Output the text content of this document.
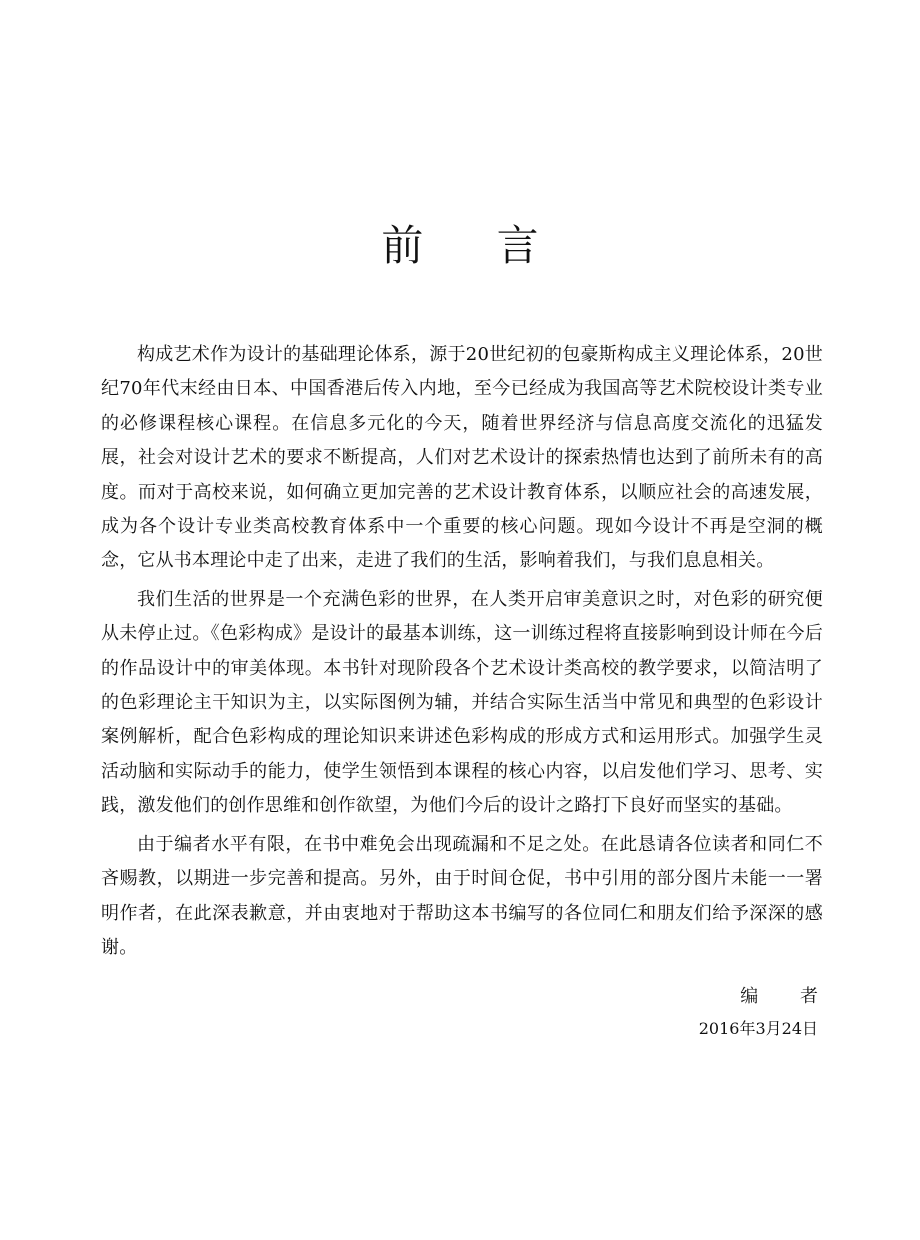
前 言

构成艺术作为设计的基础理论体系，源于20世纪初的包豪斯构成主义理论体系，20世纪70年代末经由日本、中国香港后传入内地，至今已经成为我国高等艺术院校设计类专业的必修课程核心课程。在信息多元化的今天，随着世界经济与信息高度交流化的迅猛发展，社会对设计艺术的要求不断提高，人们对艺术设计的探索热情也达到了前所未有的高度。而对于高校来说，如何确立更加完善的艺术设计教育体系，以顺应社会的高速发展，成为各个设计专业类高校教育体系中一个重要的核心问题。现如今设计不再是空洞的概念，它从书本理论中走了出来，走进了我们的生活，影响着我们，与我们息息相关。

我们生活的世界是一个充满色彩的世界，在人类开启审美意识之时，对色彩的研究便从未停止过。《色彩构成》是设计的最基本训练，这一训练过程将直接影响到设计师在今后的作品设计中的审美体现。本书针对现阶段各个艺术设计类高校的教学要求，以简洁明了的色彩理论主干知识为主，以实际图例为辅，并结合实际生活当中常见和典型的色彩设计案例解析，配合色彩构成的理论知识来讲述色彩构成的形成方式和运用形式。加强学生灵活动脑和实际动手的能力，使学生领悟到本课程的核心内容，以启发他们学习、思考、实践，激发他们的创作思维和创作欲望，为他们今后的设计之路打下良好而坚实的基础。

由于编者水平有限，在书中难免会出现疏漏和不足之处。在此恳请各位读者和同仁不吝赐教，以期进一步完善和提高。另外，由于时间仓促，书中引用的部分图片未能一一署明作者，在此深表歉意，并由衷地对于帮助这本书编写的各位同仁和朋友们给予深深的感谢。

编 者
2016年3月24日
